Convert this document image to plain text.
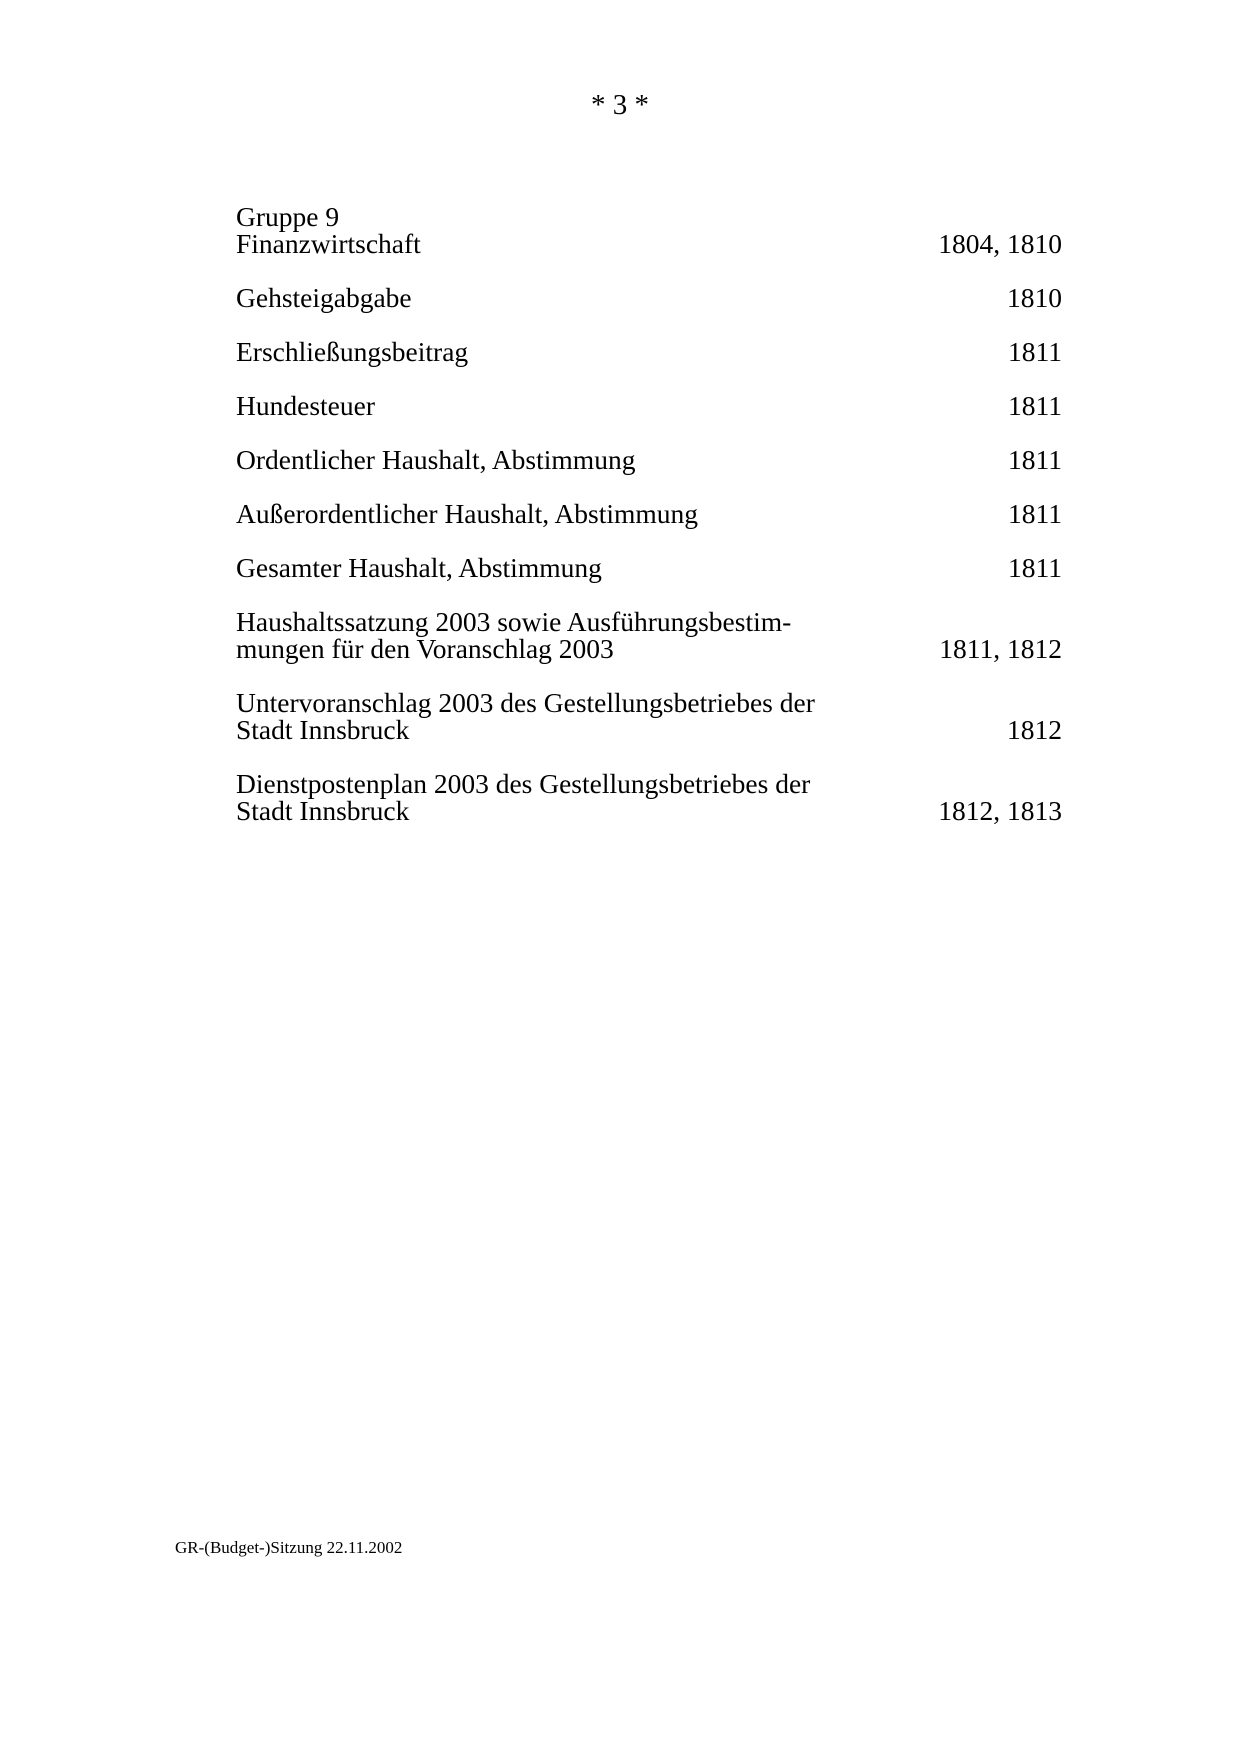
* 3 *
Gruppe 9
Finanzwirtschaft	1804, 1810
Gehsteigabgabe	1810
Erschließungsbeitrag	1811
Hundesteuer	1811
Ordentlicher Haushalt, Abstimmung	1811
Außerordentlicher Haushalt, Abstimmung	1811
Gesamter Haushalt, Abstimmung	1811
Haushaltssatzung 2003 sowie Ausführungsbestim-
mungen für den Voranschlag 2003	1811, 1812
Untervoranschlag 2003 des Gestellungsbetriebes der
Stadt Innsbruck	1812
Dienstpostenplan 2003 des Gestellungsbetriebes der
Stadt Innsbruck	1812, 1813
GR-(Budget-)Sitzung 22.11.2002
